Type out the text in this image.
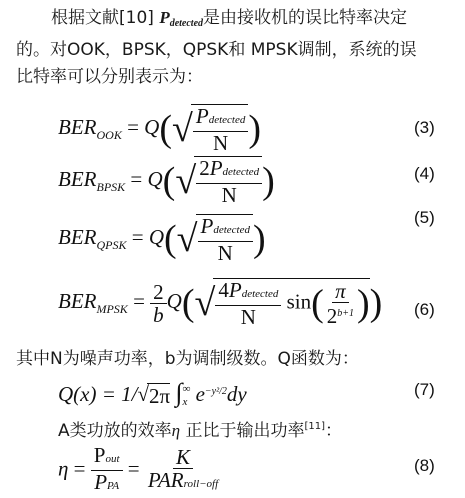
根据文献[10] $P_{detected}$是由接收机的误比特率决定
的。对OOK，BPSK，QPSK和 MPSK调制，系统的误
比特率可以分别表示为：
$BER_{OOK} = Q(√ \frac{\text{Pdetected}}{N}$ )	(3)
$BER_{BPSK} = Q(√ \frac{\text{2Pdetected}}{N}$ )	(4)
$BER_{QPSK} = Q(√ \frac{\text{Pdetected}}{N}$ )
(5)
$BER_{MPSK} = \frac{2}{b} Q(√ \frac{\text{4Pdetected}}{N} \sin( \frac{\pi}{2^{b+1}}$ )) (6)
其中N为噪声功率，b为调制级数。Q函数为：
Q(x) = 1/√2π ∫ ∞
x $e^{-y^2/2}dy$	(7)
A类功放的效率η 正比于输出功率[11]：
$\eta = \frac{\text{Pout}}{\text{PPA}} = \frac{K}{\text{PARroll−off}}$	(8)
